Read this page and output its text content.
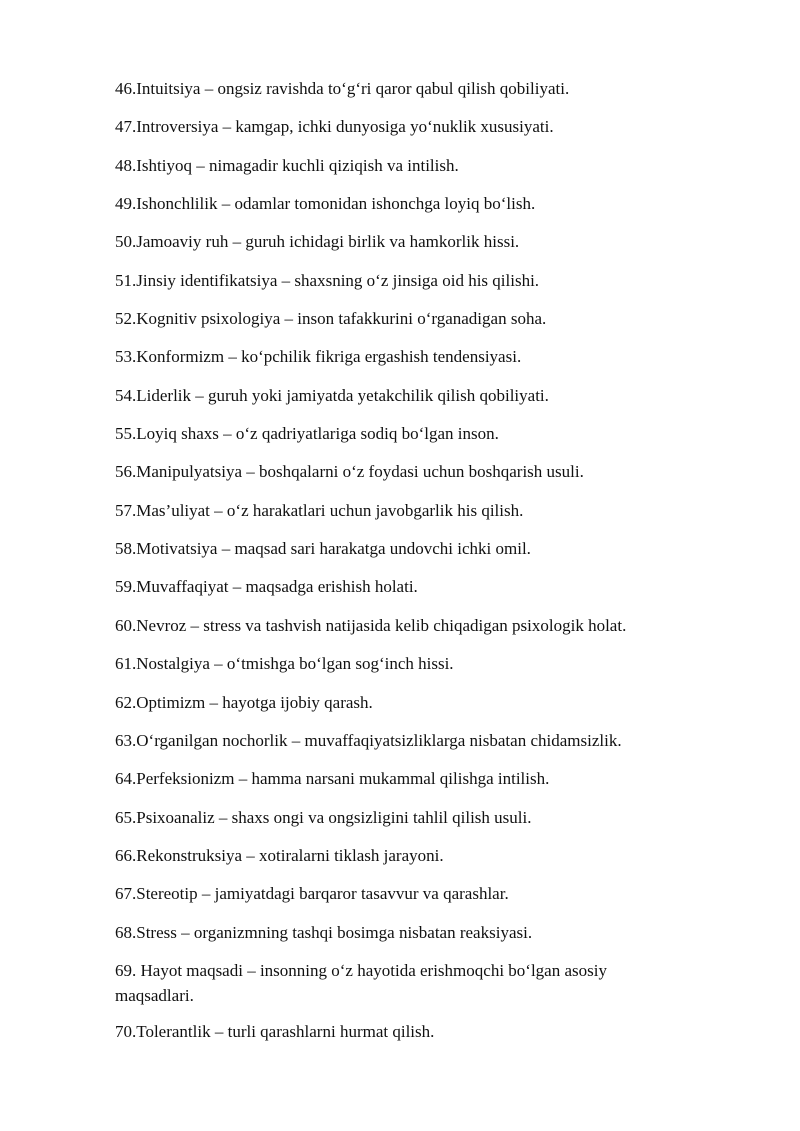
46.Intuitsiya – ongsiz ravishda to‘g‘ri qaror qabul qilish qobiliyati.
47.Introversiya – kamgap, ichki dunyosiga yo‘nuklik xususiyati.
48.Ishtiyoq – nimagadir kuchli qiziqish va intilish.
49.Ishonchlilik – odamlar tomonidan ishonchga loyiq bo‘lish.
50.Jamoaviy ruh – guruh ichidagi birlik va hamkorlik hissi.
51.Jinsiy identifikatsiya – shaxsning o‘z jinsiga oid his qilishi.
52.Kognitiv psixologiya – inson tafakkurini o‘rganadigan soha.
53.Konformizm – ko‘pchilik fikriga ergashish tendensiyasi.
54.Liderlik – guruh yoki jamiyatda yetakchilik qilish qobiliyati.
55.Loyiq shaxs – o‘z qadriyatlariga sodiq bo‘lgan inson.
56.Manipulyatsiya – boshqalarni o‘z foydasi uchun boshqarish usuli.
57.Mas’uliyat – o‘z harakatlari uchun javobgarlik his qilish.
58.Motivatsiya – maqsad sari harakatga undovchi ichki omil.
59.Muvaffaqiyat – maqsadga erishish holati.
60.Nevroz – stress va tashvish natijasida kelib chiqadigan psixologik holat.
61.Nostalgiya – o‘tmishga bo‘lgan sog‘inch hissi.
62.Optimizm – hayotga ijobiy qarash.
63.O‘rganilgan nochorlik – muvaffaqiyatsizliklarga nisbatan chidamsizlik.
64.Perfeksionizm – hamma narsani mukammal qilishga intilish.
65.Psixoanaliz – shaxs ongi va ongsizligini tahlil qilish usuli.
66.Rekonstruksiya – xotiralarni tiklash jarayoni.
67.Stereotip – jamiyatdagi barqaror tasavvur va qarashlar.
68.Stress – organizmning tashqi bosimga nisbatan reaksiyasi.
69. Hayot maqsadi – insonning o‘z hayotida erishmoqchi bo‘lgan asosiy maqsadlari.
70.Tolerantlik – turli qarashlarni hurmat qilish.
